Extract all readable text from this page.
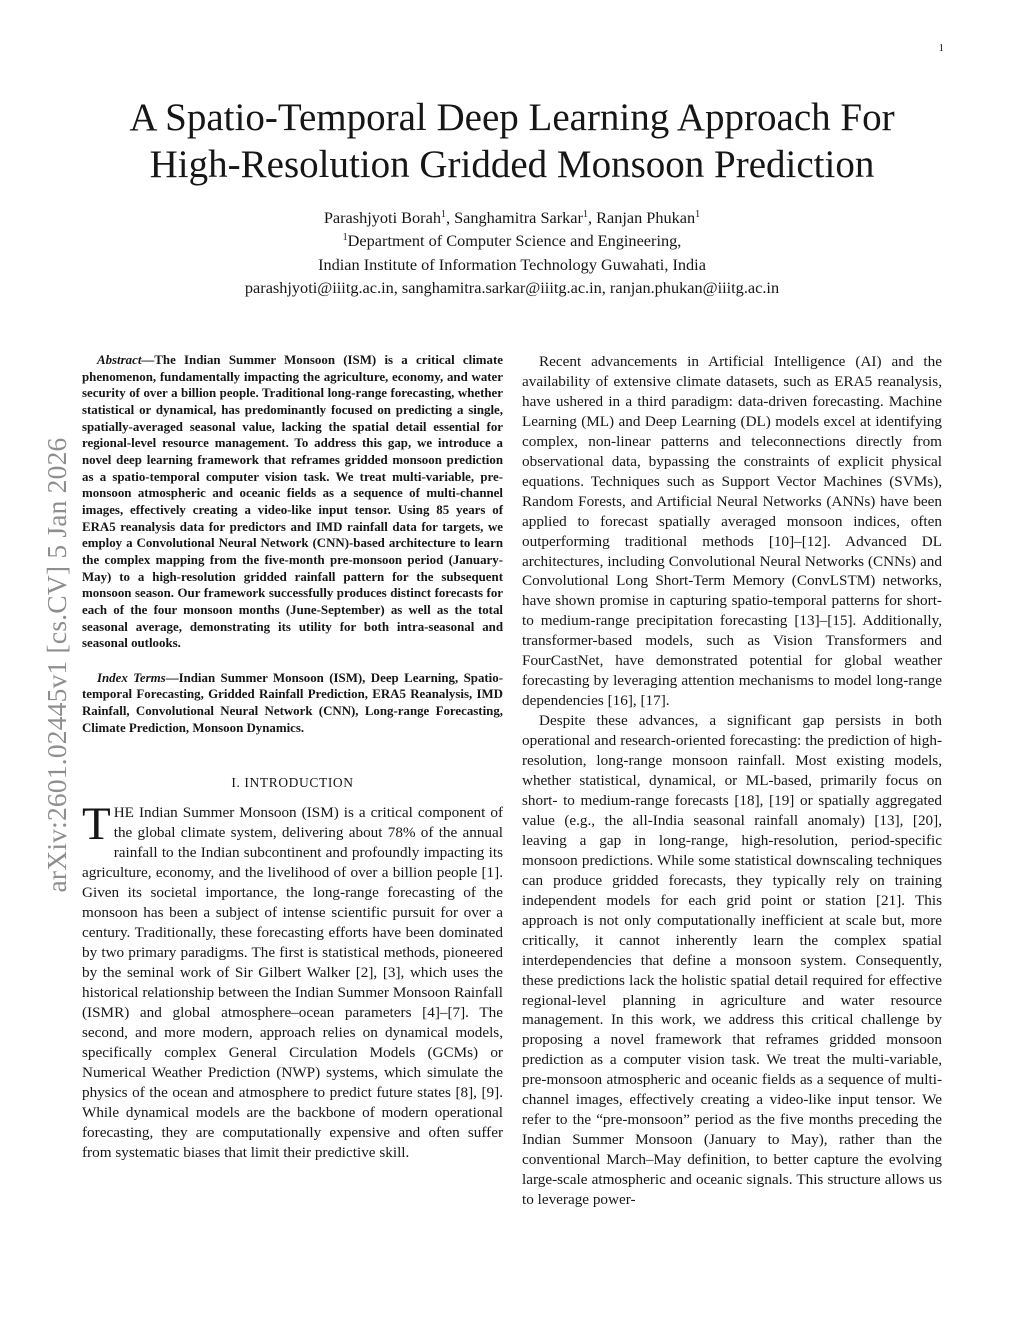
1
A Spatio-Temporal Deep Learning Approach For
High-Resolution Gridded Monsoon Prediction
Parashjyoti Borah$^1$, Sanghamitra Sarkar$^1$, Ranjan Phukan$^1$
$^1$Department of Computer Science and Engineering,
Indian Institute of Information Technology Guwahati, India
parashjyoti@iiitg.ac.in, sanghamitra.sarkar@iiitg.ac.in, ranjan.phukan@iiitg.ac.in
arXiv:2601.02445v1 [cs.CV] 5 Jan 2026

Abstract—The Indian Summer Monsoon (ISM) is a critical climate phenomenon, fundamentally impacting the agriculture, economy, and water security of over a billion people. Traditional long-range forecasting, whether statistical or dynamical, has predominantly focused on predicting a single, spatially-averaged seasonal value, lacking the spatial detail essential for regional-level resource management. To address this gap, we introduce a novel deep learning framework that reframes gridded monsoon prediction as a spatio-temporal computer vision task. We treat multi-variable, pre-monsoon atmospheric and oceanic fields as a sequence of multi-channel images, effectively creating a video-like input tensor. Using 85 years of ERA5 reanalysis data for predictors and IMD rainfall data for targets, we employ a Convolutional Neural Network (CNN)-based architecture to learn the complex mapping from the five-month pre-monsoon period (January-May) to a high-resolution gridded rainfall pattern for the subsequent monsoon season. Our framework successfully produces distinct forecasts for each of the four monsoon months (June-September) as well as the total seasonal average, demonstrating its utility for both intra-seasonal and seasonal outlooks.

Index Terms—Indian Summer Monsoon (ISM), Deep Learning, Spatio-temporal Forecasting, Gridded Rainfall Prediction, ERA5 Reanalysis, IMD Rainfall, Convolutional Neural Network (CNN), Long-range Forecasting, Climate Prediction, Monsoon Dynamics.

I. INTRODUCTION

THE Indian Summer Monsoon (ISM) is a critical component of the global climate system, delivering about 78% of the annual rainfall to the Indian subcontinent and profoundly impacting its agriculture, economy, and the livelihood of over a billion people [1]. Given its societal importance, the long-range forecasting of the monsoon has been a subject of intense scientific pursuit for over a century. Traditionally, these forecasting efforts have been dominated by two primary paradigms. The first is statistical methods, pioneered by the seminal work of Sir Gilbert Walker [2], [3], which uses the historical relationship between the Indian Summer Monsoon Rainfall (ISMR) and global atmosphere–ocean parameters [4]–[7]. The second, and more modern, approach relies on dynamical models, specifically complex General Circulation Models (GCMs) or Numerical Weather Prediction (NWP) systems, which simulate the physics of the ocean and atmosphere to predict future states [8], [9]. While dynamical models are the backbone of modern operational forecasting, they are computationally expensive and often suffer from systematic biases that limit their predictive skill.

Recent advancements in Artificial Intelligence (AI) and the availability of extensive climate datasets, such as ERA5 reanalysis, have ushered in a third paradigm: data-driven forecasting. Machine Learning (ML) and Deep Learning (DL) models excel at identifying complex, non-linear patterns and teleconnections directly from observational data, bypassing the constraints of explicit physical equations. Techniques such as Support Vector Machines (SVMs), Random Forests, and Artificial Neural Networks (ANNs) have been applied to forecast spatially averaged monsoon indices, often outperforming traditional methods [10]–[12]. Advanced DL architectures, including Convolutional Neural Networks (CNNs) and Convolutional Long Short-Term Memory (ConvLSTM) networks, have shown promise in capturing spatio-temporal patterns for short- to medium-range precipitation forecasting [13]–[15]. Additionally, transformer-based models, such as Vision Transformers and FourCastNet, have demonstrated potential for global weather forecasting by leveraging attention mechanisms to model long-range dependencies [16], [17].

Despite these advances, a significant gap persists in both operational and research-oriented forecasting: the prediction of high-resolution, long-range monsoon rainfall. Most existing models, whether statistical, dynamical, or ML-based, primarily focus on short- to medium-range forecasts [18], [19] or spatially aggregated value (e.g., the all-India seasonal rainfall anomaly) [13], [20], leaving a gap in long-range, high-resolution, period-specific monsoon predictions. While some statistical downscaling techniques can produce gridded forecasts, they typically rely on training independent models for each grid point or station [21]. This approach is not only computationally inefficient at scale but, more critically, it cannot inherently learn the complex spatial interdependencies that define a monsoon system. Consequently, these predictions lack the holistic spatial detail required for effective regional-level planning in agriculture and water resource management. In this work, we address this critical challenge by proposing a novel framework that reframes gridded monsoon prediction as a computer vision task. We treat the multi-variable, pre-monsoon atmospheric and oceanic fields as a sequence of multi-channel images, effectively creating a video-like input tensor. We refer to the “pre-monsoon” period as the five months preceding the Indian Summer Monsoon (January to May), rather than the conventional March–May definition, to better capture the evolving large-scale atmospheric and oceanic signals. This structure allows us to leverage power-
